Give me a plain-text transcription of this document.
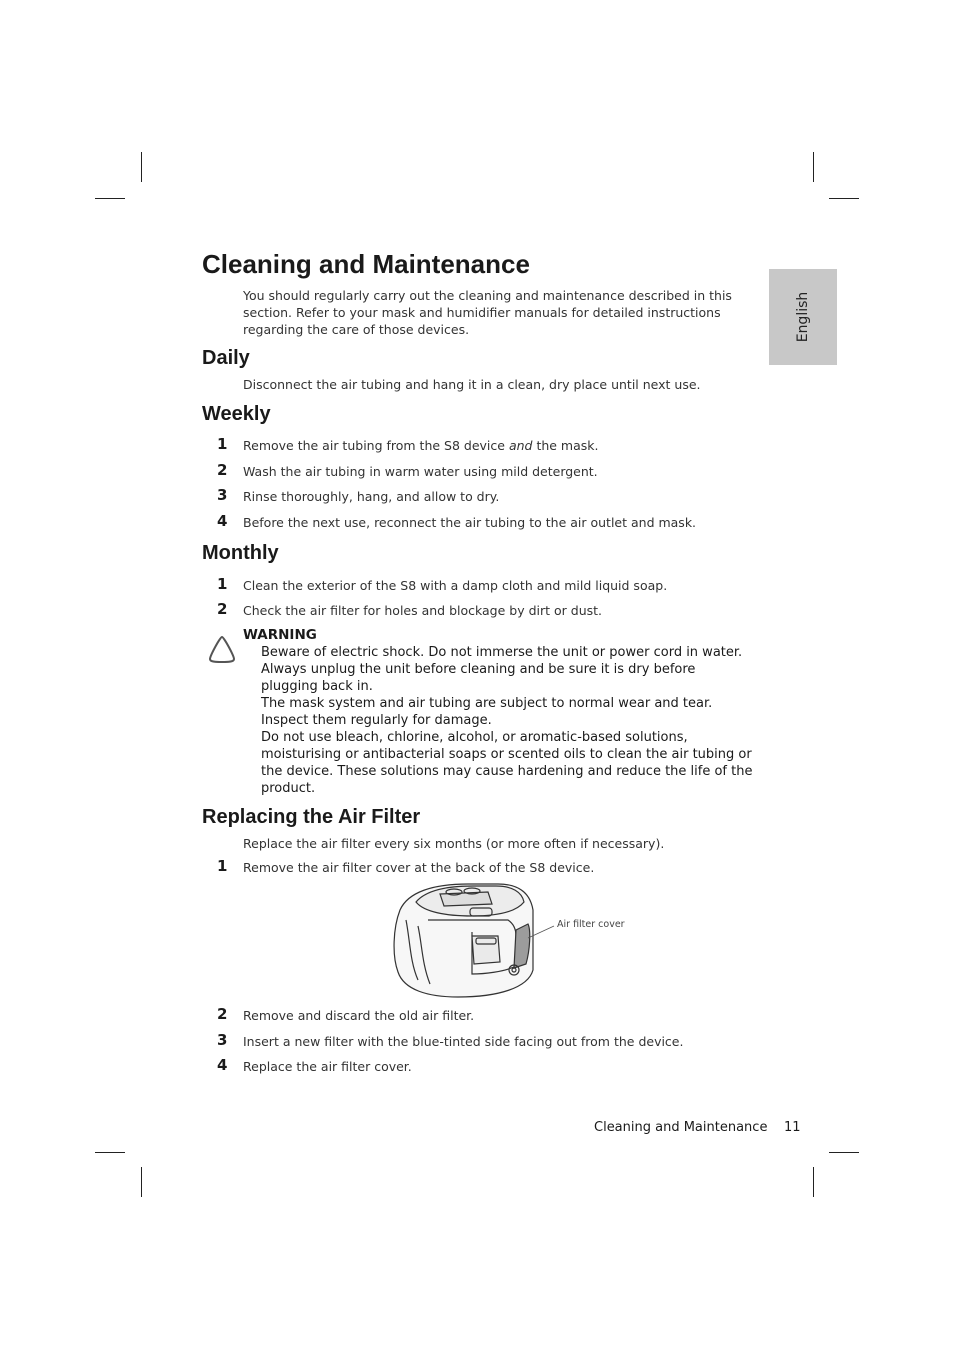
English
Cleaning and Maintenance

You should regularly carry out the cleaning and maintenance described in this section. Refer to your mask and humidifier manuals for detailed instructions regarding the care of those devices.

Daily

Disconnect the air tubing and hang it in a clean, dry place until next use.

Weekly
1 Remove the air tubing from the S8 device and the mask.
2 Wash the air tubing in warm water using mild detergent.
3 Rinse thoroughly, hang, and allow to dry.
4 Before the next use, reconnect the air tubing to the air outlet and mask.
Monthly
1 Clean the exterior of the S8 with a damp cloth and mild liquid soap.
2 Check the air filter for holes and blockage by dirt or dust.
WARNING
Beware of electric shock. Do not immerse the unit or power cord in water. Always unplug the unit before cleaning and be sure it is dry before plugging back in.
The mask system and air tubing are subject to normal wear and tear. Inspect them regularly for damage.
Do not use bleach, chlorine, alcohol, or aromatic-based solutions, moisturising or antibacterial soaps or scented oils to clean the air tubing or the device. These solutions may cause hardening and reduce the life of the product.
Replacing the Air Filter

Replace the air filter every six months (or more often if necessary).

1 Remove the air filter cover at the back of the S8 device.
Air filter cover
2 Remove and discard the old air filter.
3 Insert a new filter with the blue-tinted side facing out from the device.
4 Replace the air filter cover.
Cleaning and Maintenance 11
